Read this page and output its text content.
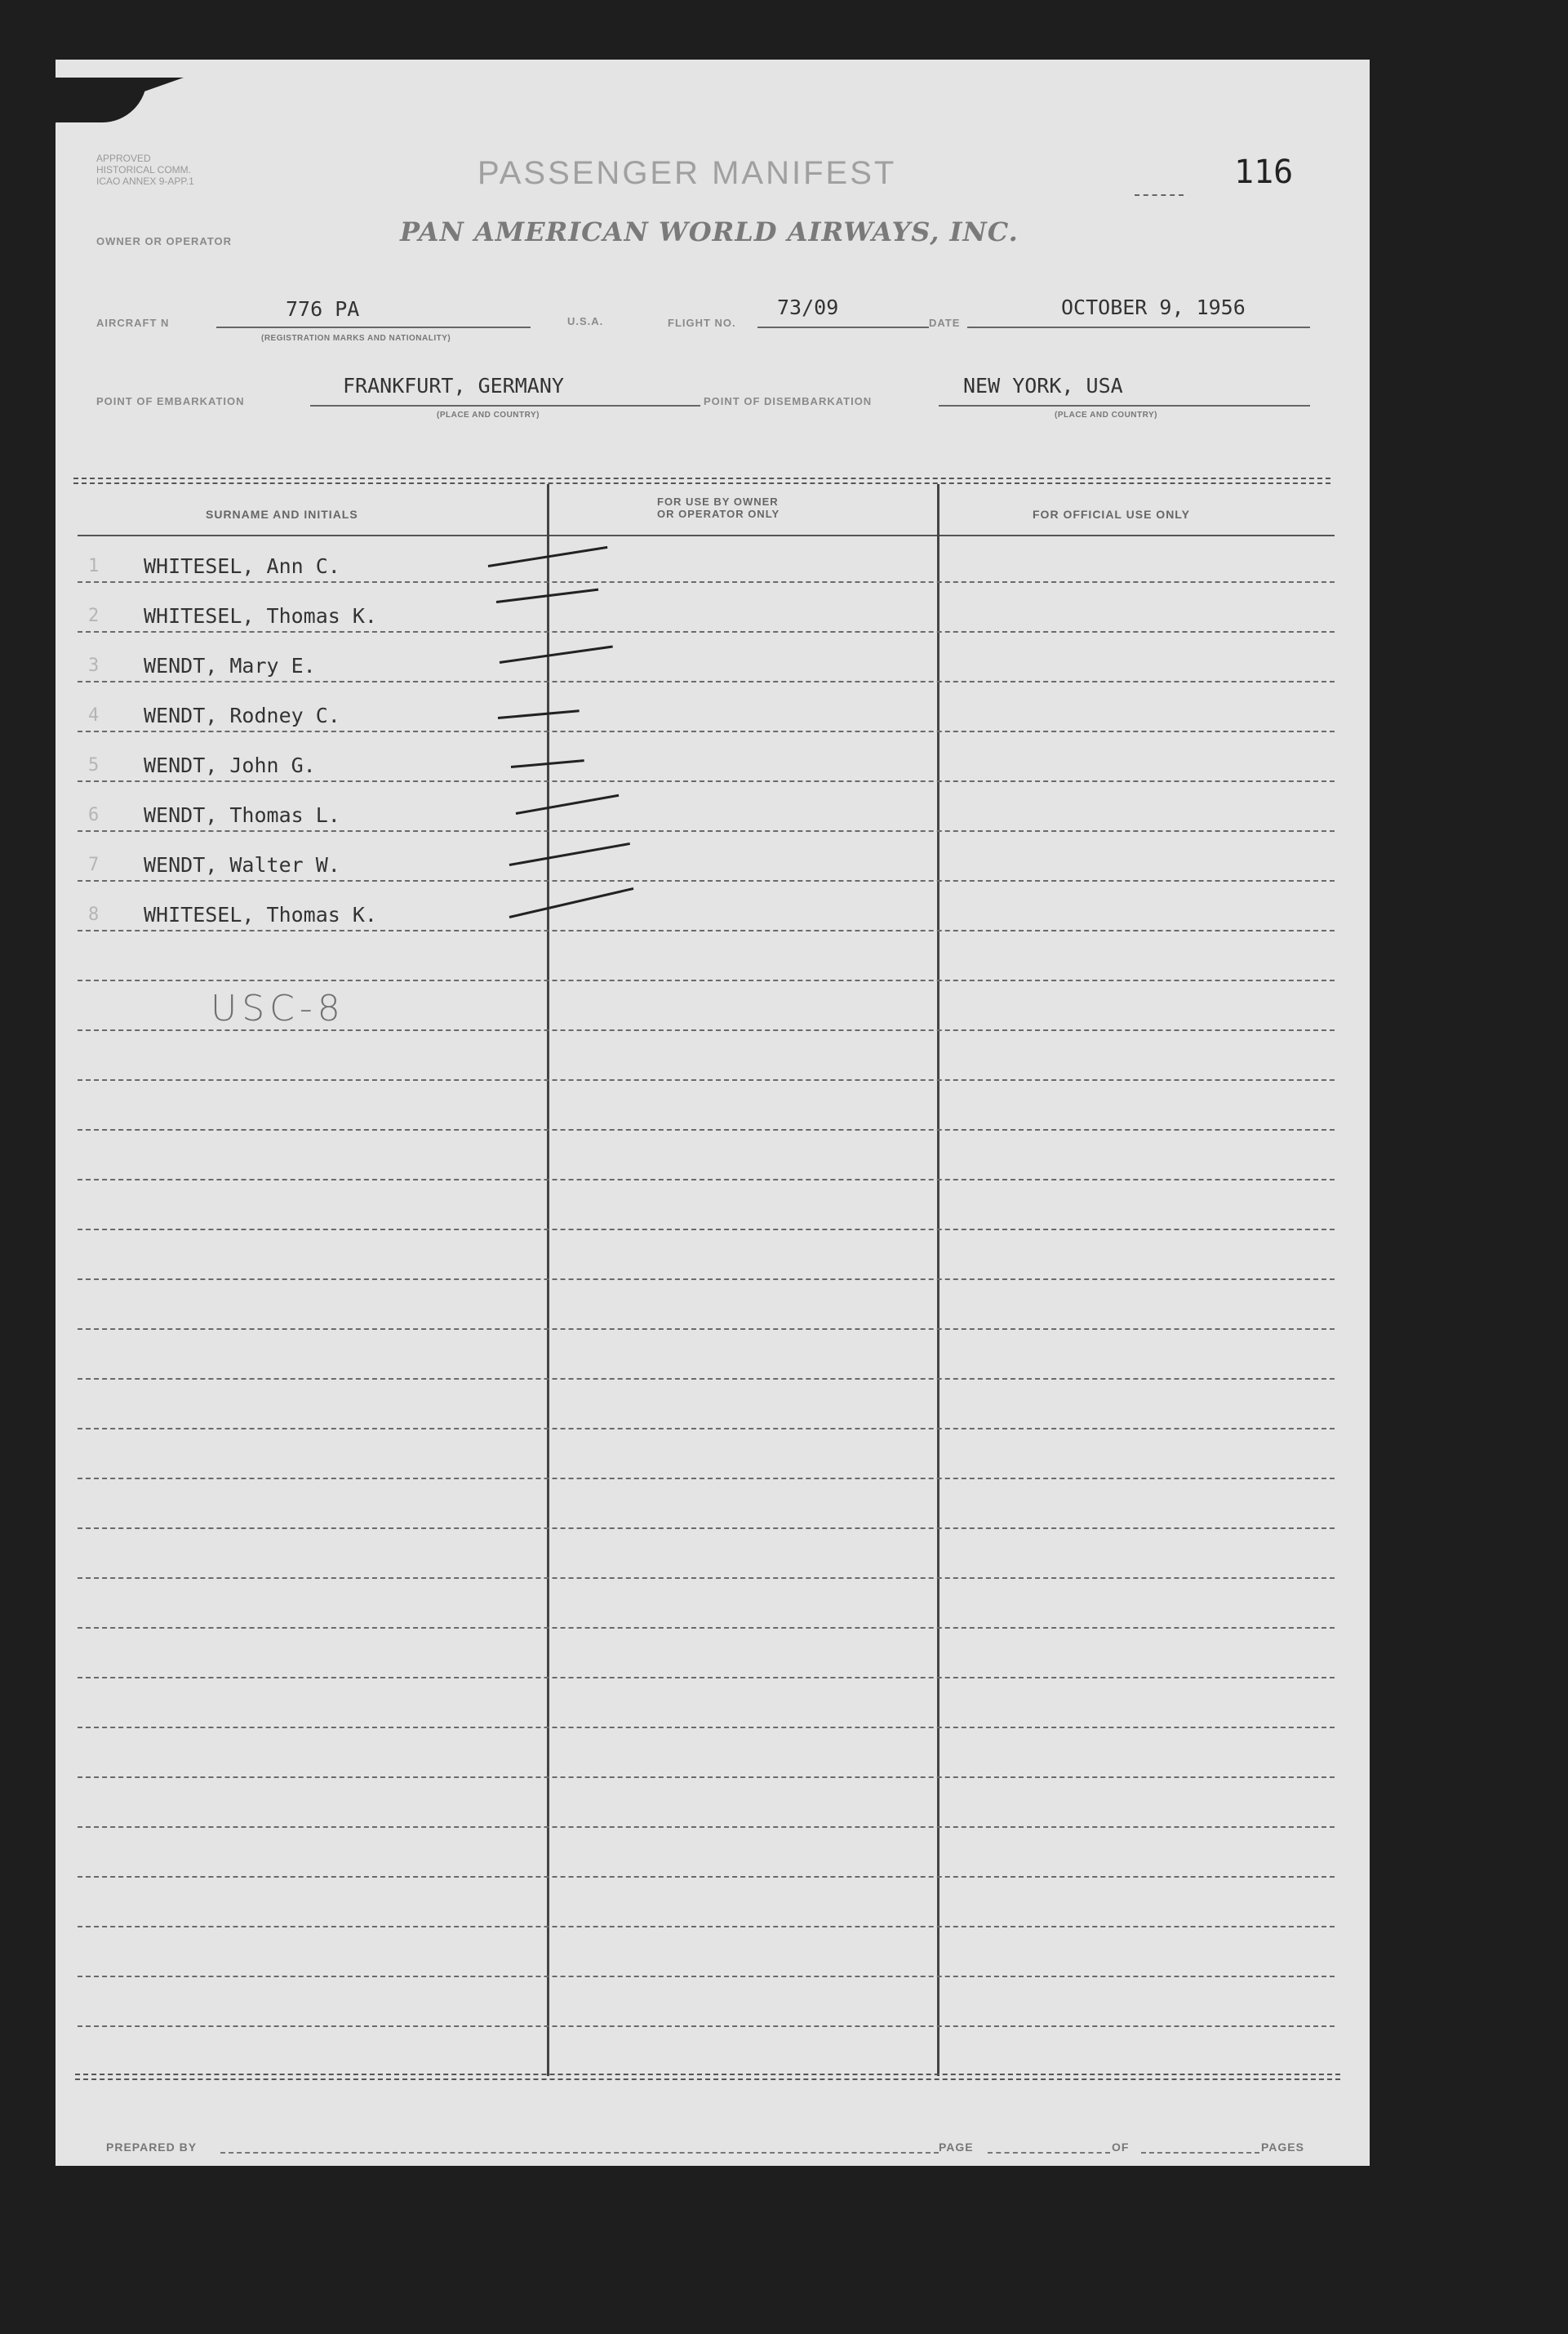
APPROVED
HISTORICAL COMM.
ICAO ANNEX 9-APP.1	PASSENGER MANIFEST	116
OWNER OR OPERATOR	PAN AMERICAN WORLD AIRWAYS, INC.
AIRCRAFT N
776 PA
(REGISTRATION MARKS AND NATIONALITY)
U.S.A.	FLIGHT NO.
73/09
DATE
OCTOBER 9, 1956
POINT OF EMBARKATION
FRANKFURT, GERMANY
(PLACE AND COUNTRY)
POINT OF DISEMBARKATION
NEW YORK, USA
(PLACE AND COUNTRY)
SURNAME AND INITIALS
FOR USE BY OWNER
OR OPERATOR ONLY	FOR OFFICIAL USE ONLY
1 WHITESEL, Ann C.
2 WHITESEL, Thomas K.
3 WENDT, Mary E.
4 WENDT, Rodney C.
5 WENDT, John G.
6 WENDT, Thomas L.
7 WENDT, Walter W.
8 WHITESEL, Thomas K.
USC-8
PREPARED BY	PAGE	OF	PAGES
